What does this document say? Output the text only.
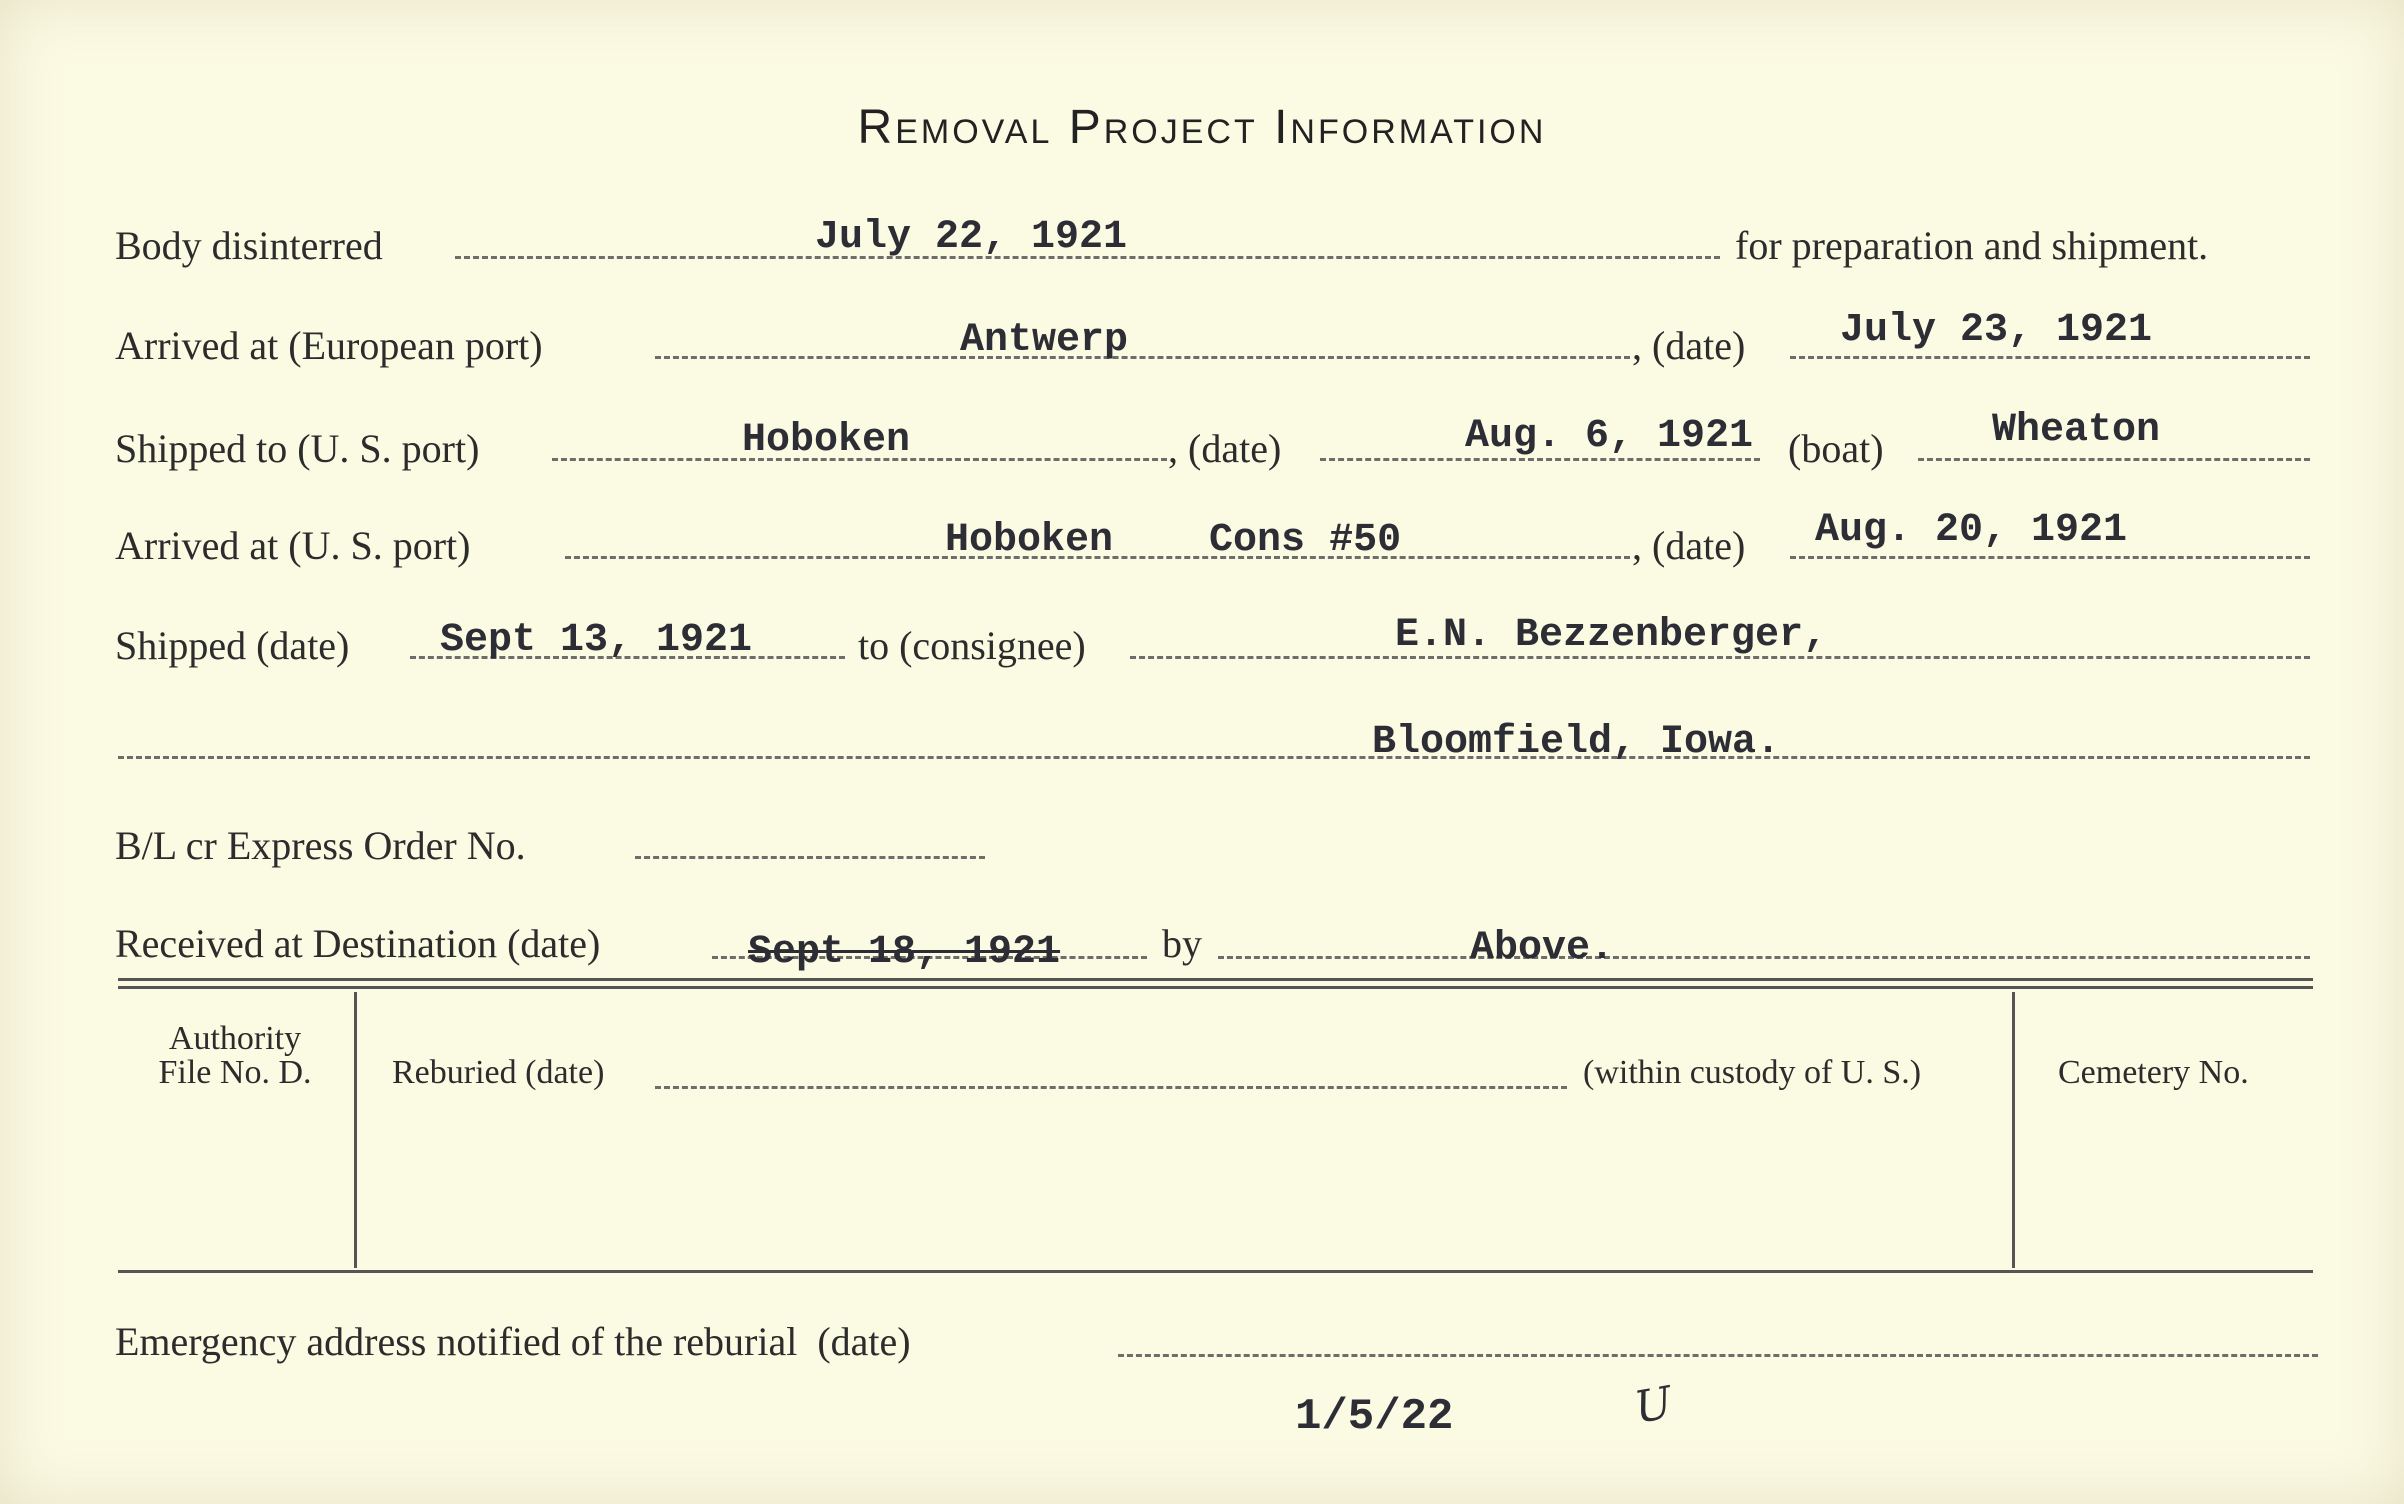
Removal Project Information
Body disinterred	July 22, 1921	for preparation and shipment.
Arrived at (European port)	Antwerp	, (date) July 23, 1921
Shipped to (U. S. port)	Hoboken	, (date)	Aug. 6, 1921 (boat)	Wheaton
Arrived at (U. S. port)	Hoboken    Cons #50	, (date) Aug. 20, 1921
Shipped (date) Sept 13, 1921	to (consignee)	E.N. Bezzenberger,
Bloomfield, Iowa.
B/L cr Express Order No.
Received at Destination (date)	Sept 18, 1921	by	Above.
Authority
File No. D.	Reburied (date)	(within custody of U. S.)	Cemetery No.
Emergency address notified of the reburial  (date)
1/5/22	U
